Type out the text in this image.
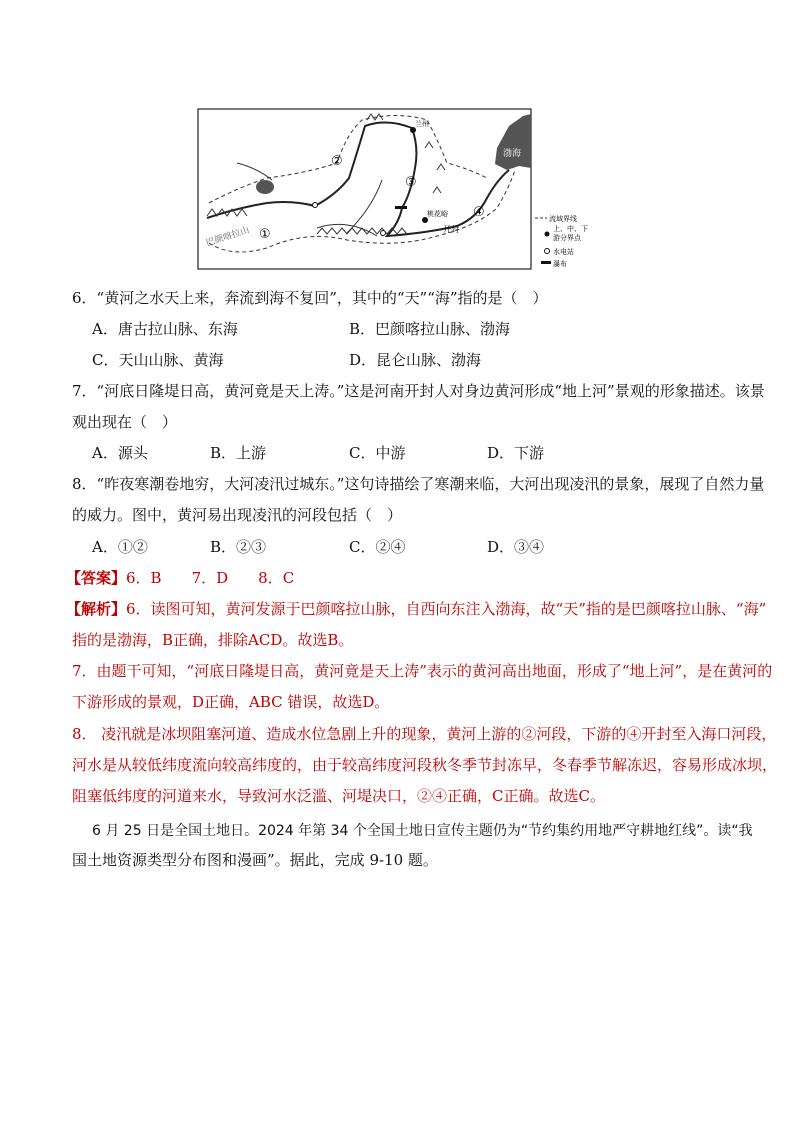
渤海
兰州
桃花峪
开封
巴颜喀拉山 ①
②
③
④	流域界线
上、中、下
游分界点
水电站
瀑布
6．“黄河之水天上来，奔流到海不复回”，其中的“天”“海”指的是（　）
A．唐古拉山脉、东海	B．巴颜喀拉山脉、渤海
C．天山山脉、黄海	D．昆仑山脉、渤海
7．“河底日隆堤日高，黄河竟是天上涛。”这是河南开封人对身边黄河形成“地上河”景观的形象描述。该景
观出现在（　）
A．源头	B．上游	C．中游	D．下游
8．“昨夜寒潮卷地穷，大河凌汛过城东。”这句诗描绘了寒潮来临，大河出现凌汛的景象，展现了自然力量
的威力。图中，黄河易出现凌汛的河段包括（　）
A．①②	B．②③	C．②④	D．③④
【答案】6．B　　7．D　　8．C
【解析】6．读图可知，黄河发源于巴颜喀拉山脉，自西向东注入渤海，故“天”指的是巴颜喀拉山脉、“海”
指的是渤海，B正确，排除ACD。故选B。
7．由题干可知，“河底日隆堤日高，黄河竟是天上涛”表示的黄河高出地面，形成了“地上河”，是在黄河的
下游形成的景观，D正确，ABC 错误，故选D。
8． 凌汛就是冰坝阻塞河道、造成水位急剧上升的现象，黄河上游的②河段，下游的④开封至入海口河段，
河水是从较低纬度流向较高纬度的，由于较高纬度河段秋冬季节封冻早，冬春季节解冻迟，容易形成冰坝，
阻塞低纬度的河道来水，导致河水泛滥、河堤决口，②④正确，C正确。故选C。
6 月 25 日是全国土地日。2024 年第 34 个全国土地日宣传主题仍为“节约集约用地严守耕地红线”。读“我
国土地资源类型分布图和漫画”。据此，完成 9-10 题。
